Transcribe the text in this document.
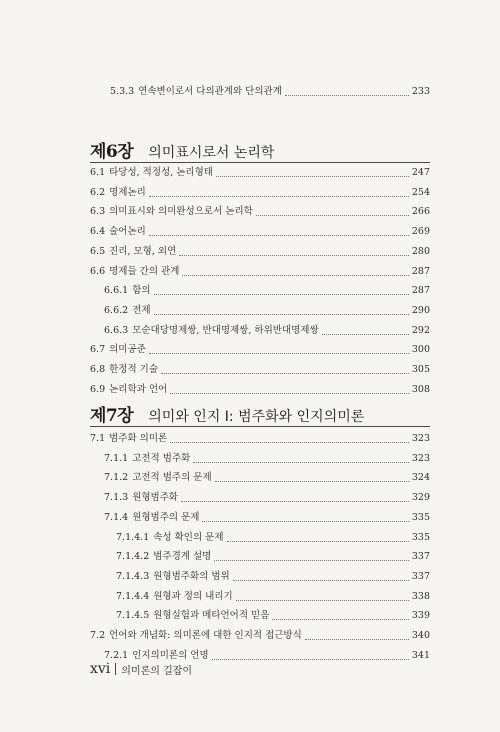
5.3.3 연속변이로서 다의관계와 단의관계	233
제6장 의미표시로서 논리학
6.1 타당성, 적정성, 논리형태	247
6.2 명제논리	254
6.3 의미표시와 의미완성으로서 논리학	266
6.4 술어논리	269
6.5 진리, 모형, 외연	280
6.6 명제들 간의 관계	287
6.6.1 함의	287
6.6.2 전제	290
6.6.3 모순대당명제쌍, 반대명제쌍, 하위반대명제쌍	292
6.7 의미공준	300
6.8 한정적 기술	305
6.9 논리학과 언어	308
제7장 의미와 인지 I: 범주화와 인지의미론
7.1 범주화 의미론	323
7.1.1 고전적 범주화	323
7.1.2 고전적 범주의 문제	324
7.1.3 원형범주화	329
7.1.4 원형범주의 문제	335
7.1.4.1 속성 확인의 문제	335
7.1.4.2 범주경계 설명	337
7.1.4.3 원형범주화의 범위	337
7.1.4.4 원형과 정의 내리기	338
7.1.4.5 원형실험과 메타언어적 믿음	339
7.2 언어와 개념화: 의미론에 대한 인지적 접근방식	340
7.2.1 인지의미론의 언명	341
xvi 의미론의 길잡이
